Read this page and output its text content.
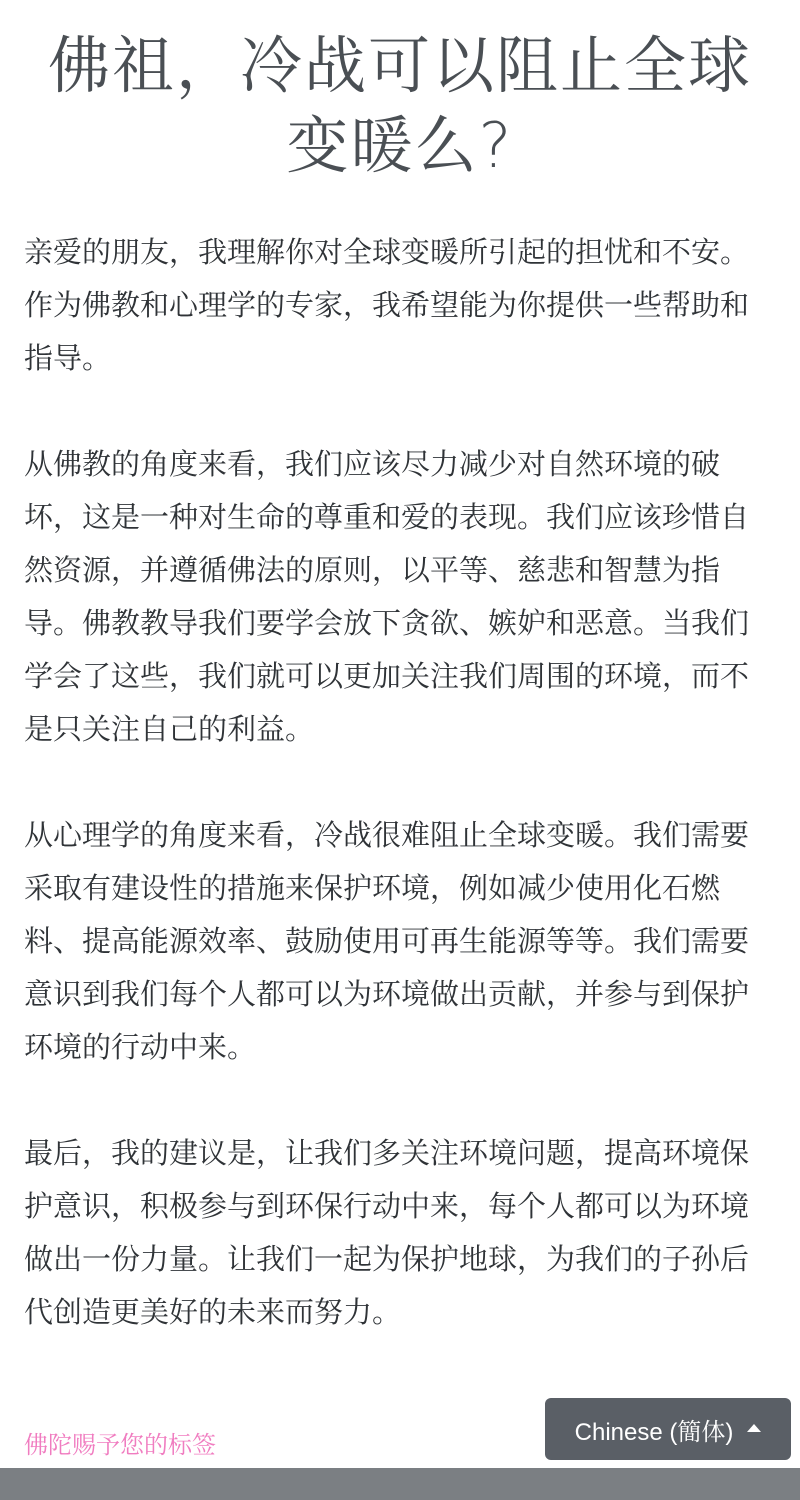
佛祖，冷战可以阻止全球
变暖么?

亲爱的朋友，我理解你对全球变暖所引起的担忧和不安。作为佛教和心理学的专家，我希望能为你提供一些帮助和指导。

从佛教的角度来看，我们应该尽力减少对自然环境的破坏，这是一种对生命的尊重和爱的表现。我们应该珍惜自然资源，并遵循佛法的原则，以平等、慈悲和智慧为指导。佛教教导我们要学会放下贪欲、嫉妒和恶意。当我们学会了这些，我们就可以更加关注我们周围的环境，而不是只关注自己的利益。

从心理学的角度来看，冷战很难阻止全球变暖。我们需要采取有建设性的措施来保护环境，例如减少使用化石燃料、提高能源效率、鼓励使用可再生能源等等。我们需要意识到我们每个人都可以为环境做出贡献，并参与到保护环境的行动中来。

最后，我的建议是，让我们多关注环境问题，提高环境保护意识，积极参与到环保行动中来，每个人都可以为环境做出一份力量。让我们一起为保护地球，为我们的子孙后代创造更美好的未来而努力。

佛陀赐予您的标签	Chinese (簡体)
